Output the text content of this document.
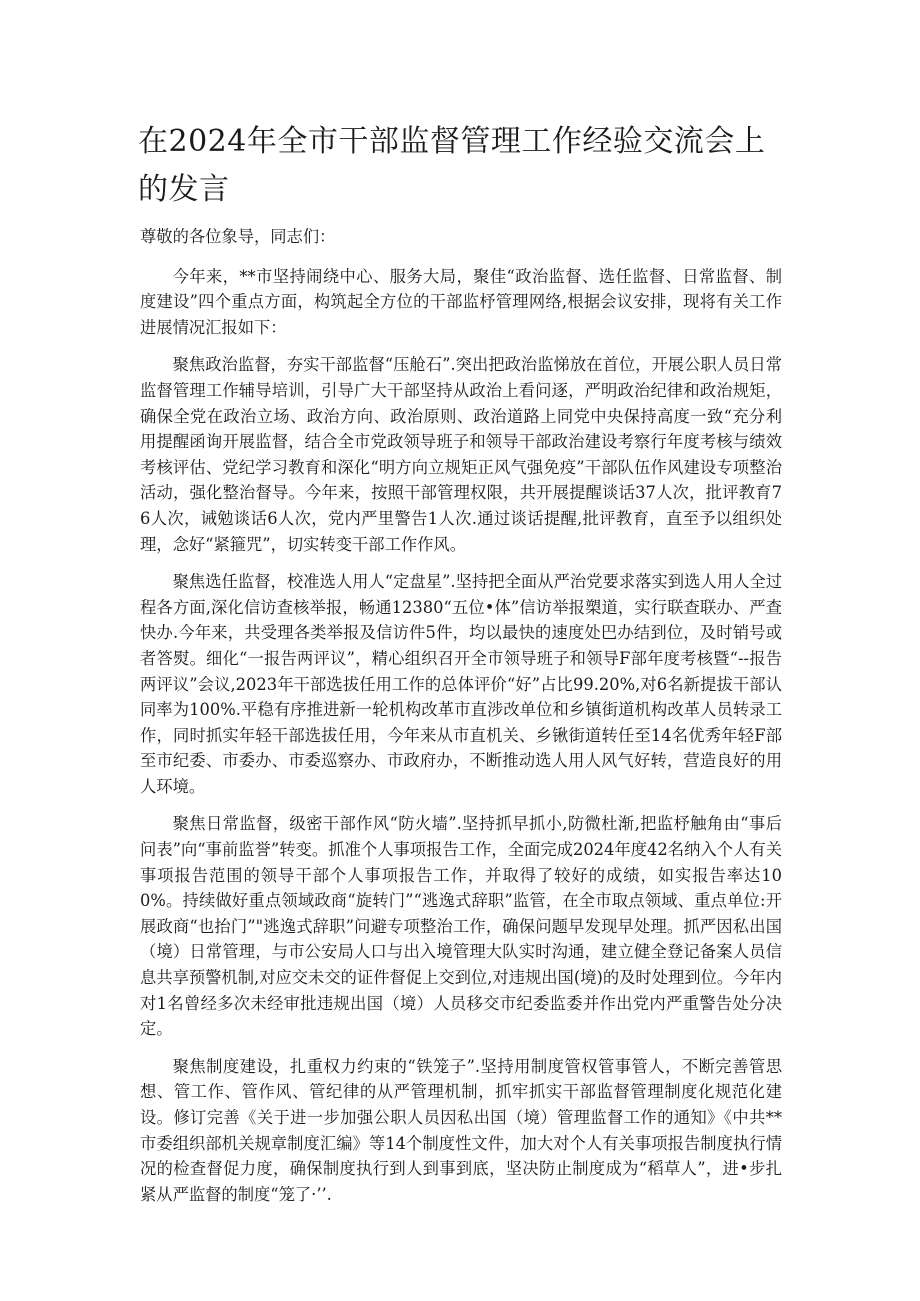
在2024年全市干部监督管理工作经验交流会上的发言

尊敬的各位象导，同志们：

今年来，**市坚持闹绕中心、服务大局，聚佳“政治监督、选任监督、日常监督、制度建设”四个重点方面，构筑起全方位的干部监杼管理网络,根据会议安排，现将有关工作进展情况汇报如下：

聚焦政治监督，夯实干部监督“压舱石”.突出把政治监悌放在首位，开展公职人员日常监督管理工作辅导培训，引导广大干部坚持从政治上看问逐，严明政治纪律和政治规矩，确保全党在政治立场、政治方向、政治原则、政治道路上同党中央保持高度一致“充分利用提醒函询开展监督，结合全市党政领导班子和领导干部政治建设考察行年度考核与绩效考核评估、党纪学习教育和深化“明方向立规矩正风气强免疫”干部队伍作风建设专项整治活动，强化整治督导。今年来，按照干部管理权限，共开展提醒谈话37人次，批评教育76人次，诫勉谈话6人次，党内严里警告1人次.通过谈话提醒,批评教育，直至予以组织处理，念好“紧箍咒”，切实转变干部工作作风。

聚焦选任监督，校准选人用人“定盘星”.坚持把全面从严治党要求落实到选人用人全过程各方面,深化信访查核举报，畅通12380“五位•体”信访举报槊道，实行联查联办、严查快办.今年来，共受理各类举报及信访件5件，均以最快的速度处巴办结到位，及时销号或者答熨。细化“一报告两评议”，精心组织召开全市领导班子和领导F部年度考核暨“--报告两评议”会议,2023年干部选拔任用工作的总体评价“好”占比99.20%,对6名新提拔干部认同率为100%.平稳有序推进新一轮机构改革市直涉改单位和乡镇街道机构改革人员转录工作，同时抓实年轻干部选拔任用，今年来从市直机关、乡锹街道转任至14名优秀年轻F部至市纪委、市委办、市委巡察办、市政府办，不断推动选人用人风气好转，营造良好的用人环境。

聚焦日常监督，级密干部作风“防火墙”.坚持抓早抓小,防微杜渐,把监杼触角由“事后问表”向“事前监誉”转变。抓准个人事项报告工作，全面完成2024年度42名纳入个人有关事项报告范围的领导干部个人事项报告工作，并取得了较好的成绩，如实报告率达100%。持续做好重点领域政商“旋转门”“逃逸式辞职”监管，在全市取点领域、重点单位:开展政商“也抬门”"逃逸式辞职”问避专项整治工作，确保问题早发现早处理。抓严因私出国（境）日常管理，与市公安局人口与出入境管理大队实时沟通，建立健全登记备案人员信息共享预警机制,对应交未交的证件督促上交到位,对违规出国(境)的及时处理到位。今年内对1名曾经多次未经审批违规出国（境）人员移交市纪委监委并作出党内严重警告处分决定。

聚焦制度建设，扎重权力约束的“铁笼子”.坚持用制度管权管事管人，不断完善管思想、管工作、管作风、管纪律的从严管理机制，抓牢抓实干部监督管理制度化规范化建设。修订完善《关于进一步加强公职人员因私出国（境）管理监督工作的通知》《中共**市委组织部机关规章制度汇编》等14个制度性文件，加大对个人有关事项报告制度执行情况的检查督促力度，确保制度执行到人到事到底，坚决防止制度成为“稻草人”，进•步扎紧从严监督的制度“笼了·’’.
